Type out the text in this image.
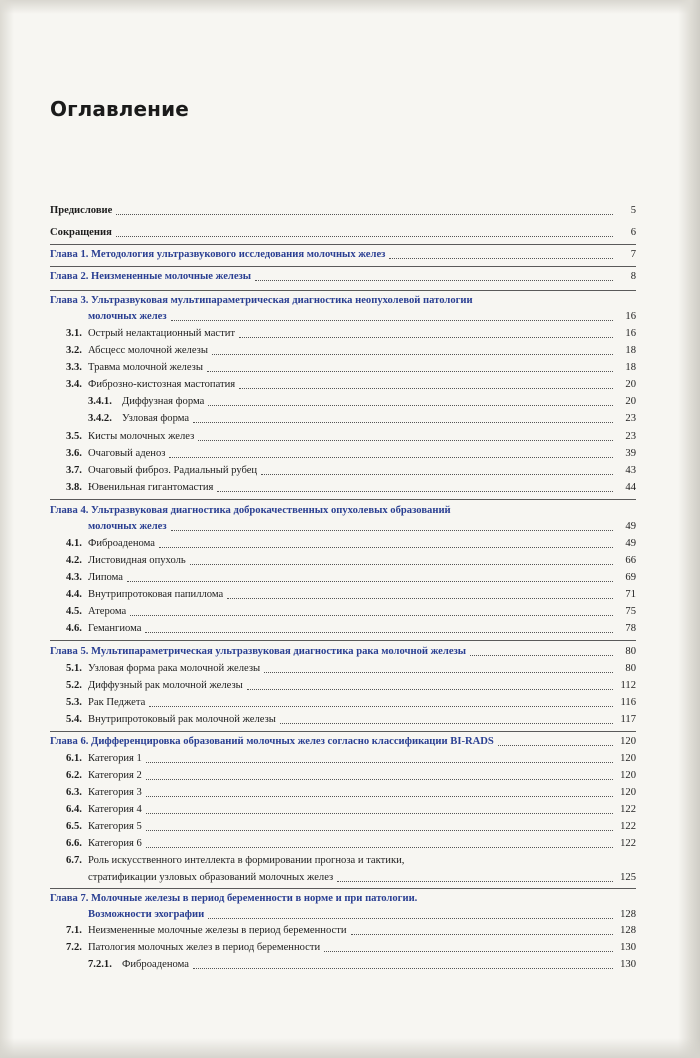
Оглавление
Предисловие	5
Сокращения	6
Глава 1. Методология ультразвукового исследования молочных желез	7
Глава 2. Неизмененные молочные железы	8
Глава 3. Ультразвуковая мультипараметрическая диагностика неопухолевой патологии
молочных желез	16
3.1. Острый нелактационный мастит	16
3.2. Абсцесс молочной железы	18
3.3. Травма молочной железы	18
3.4. Фиброзно-кистозная мастопатия	20
3.4.1. Диффузная форма	20
3.4.2. Узловая форма	23
3.5. Кисты молочных желез	23
3.6. Очаговый аденоз	39
3.7. Очаговый фиброз. Радиальный рубец	43
3.8. Ювенильная гигантомастия	44
Глава 4. Ультразвуковая диагностика доброкачественных опухолевых образований
молочных желез	49
4.1. Фиброаденома	49
4.2. Листовидная опухоль	66
4.3. Липома	69
4.4. Внутрипротоковая папиллома	71
4.5. Атерома	75
4.6. Гемангиома	78
Глава 5. Мультипараметрическая ультразвуковая диагностика рака молочной железы	80
5.1. Узловая форма рака молочной железы	80
5.2. Диффузный рак молочной железы	112
5.3. Рак Педжета	116
5.4. Внутрипротоковый рак молочной железы	117
Глава 6. Дифференцировка образований молочных желез согласно классификации BI-RADS	120
6.1. Категория 1	120
6.2. Категория 2	120
6.3. Категория 3	120
6.4. Категория 4	122
6.5. Категория 5	122
6.6. Категория 6	122
6.7. Роль искусственного интеллекта в формировании прогноза и тактики,
стратификации узловых образований молочных желез	125
Глава 7. Молочные железы в период беременности в норме и при патологии.
Возможности эхографии	128
7.1. Неизмененные молочные железы в период беременности	128
7.2. Патология молочных желез в период беременности	130
7.2.1. Фиброаденома	130
